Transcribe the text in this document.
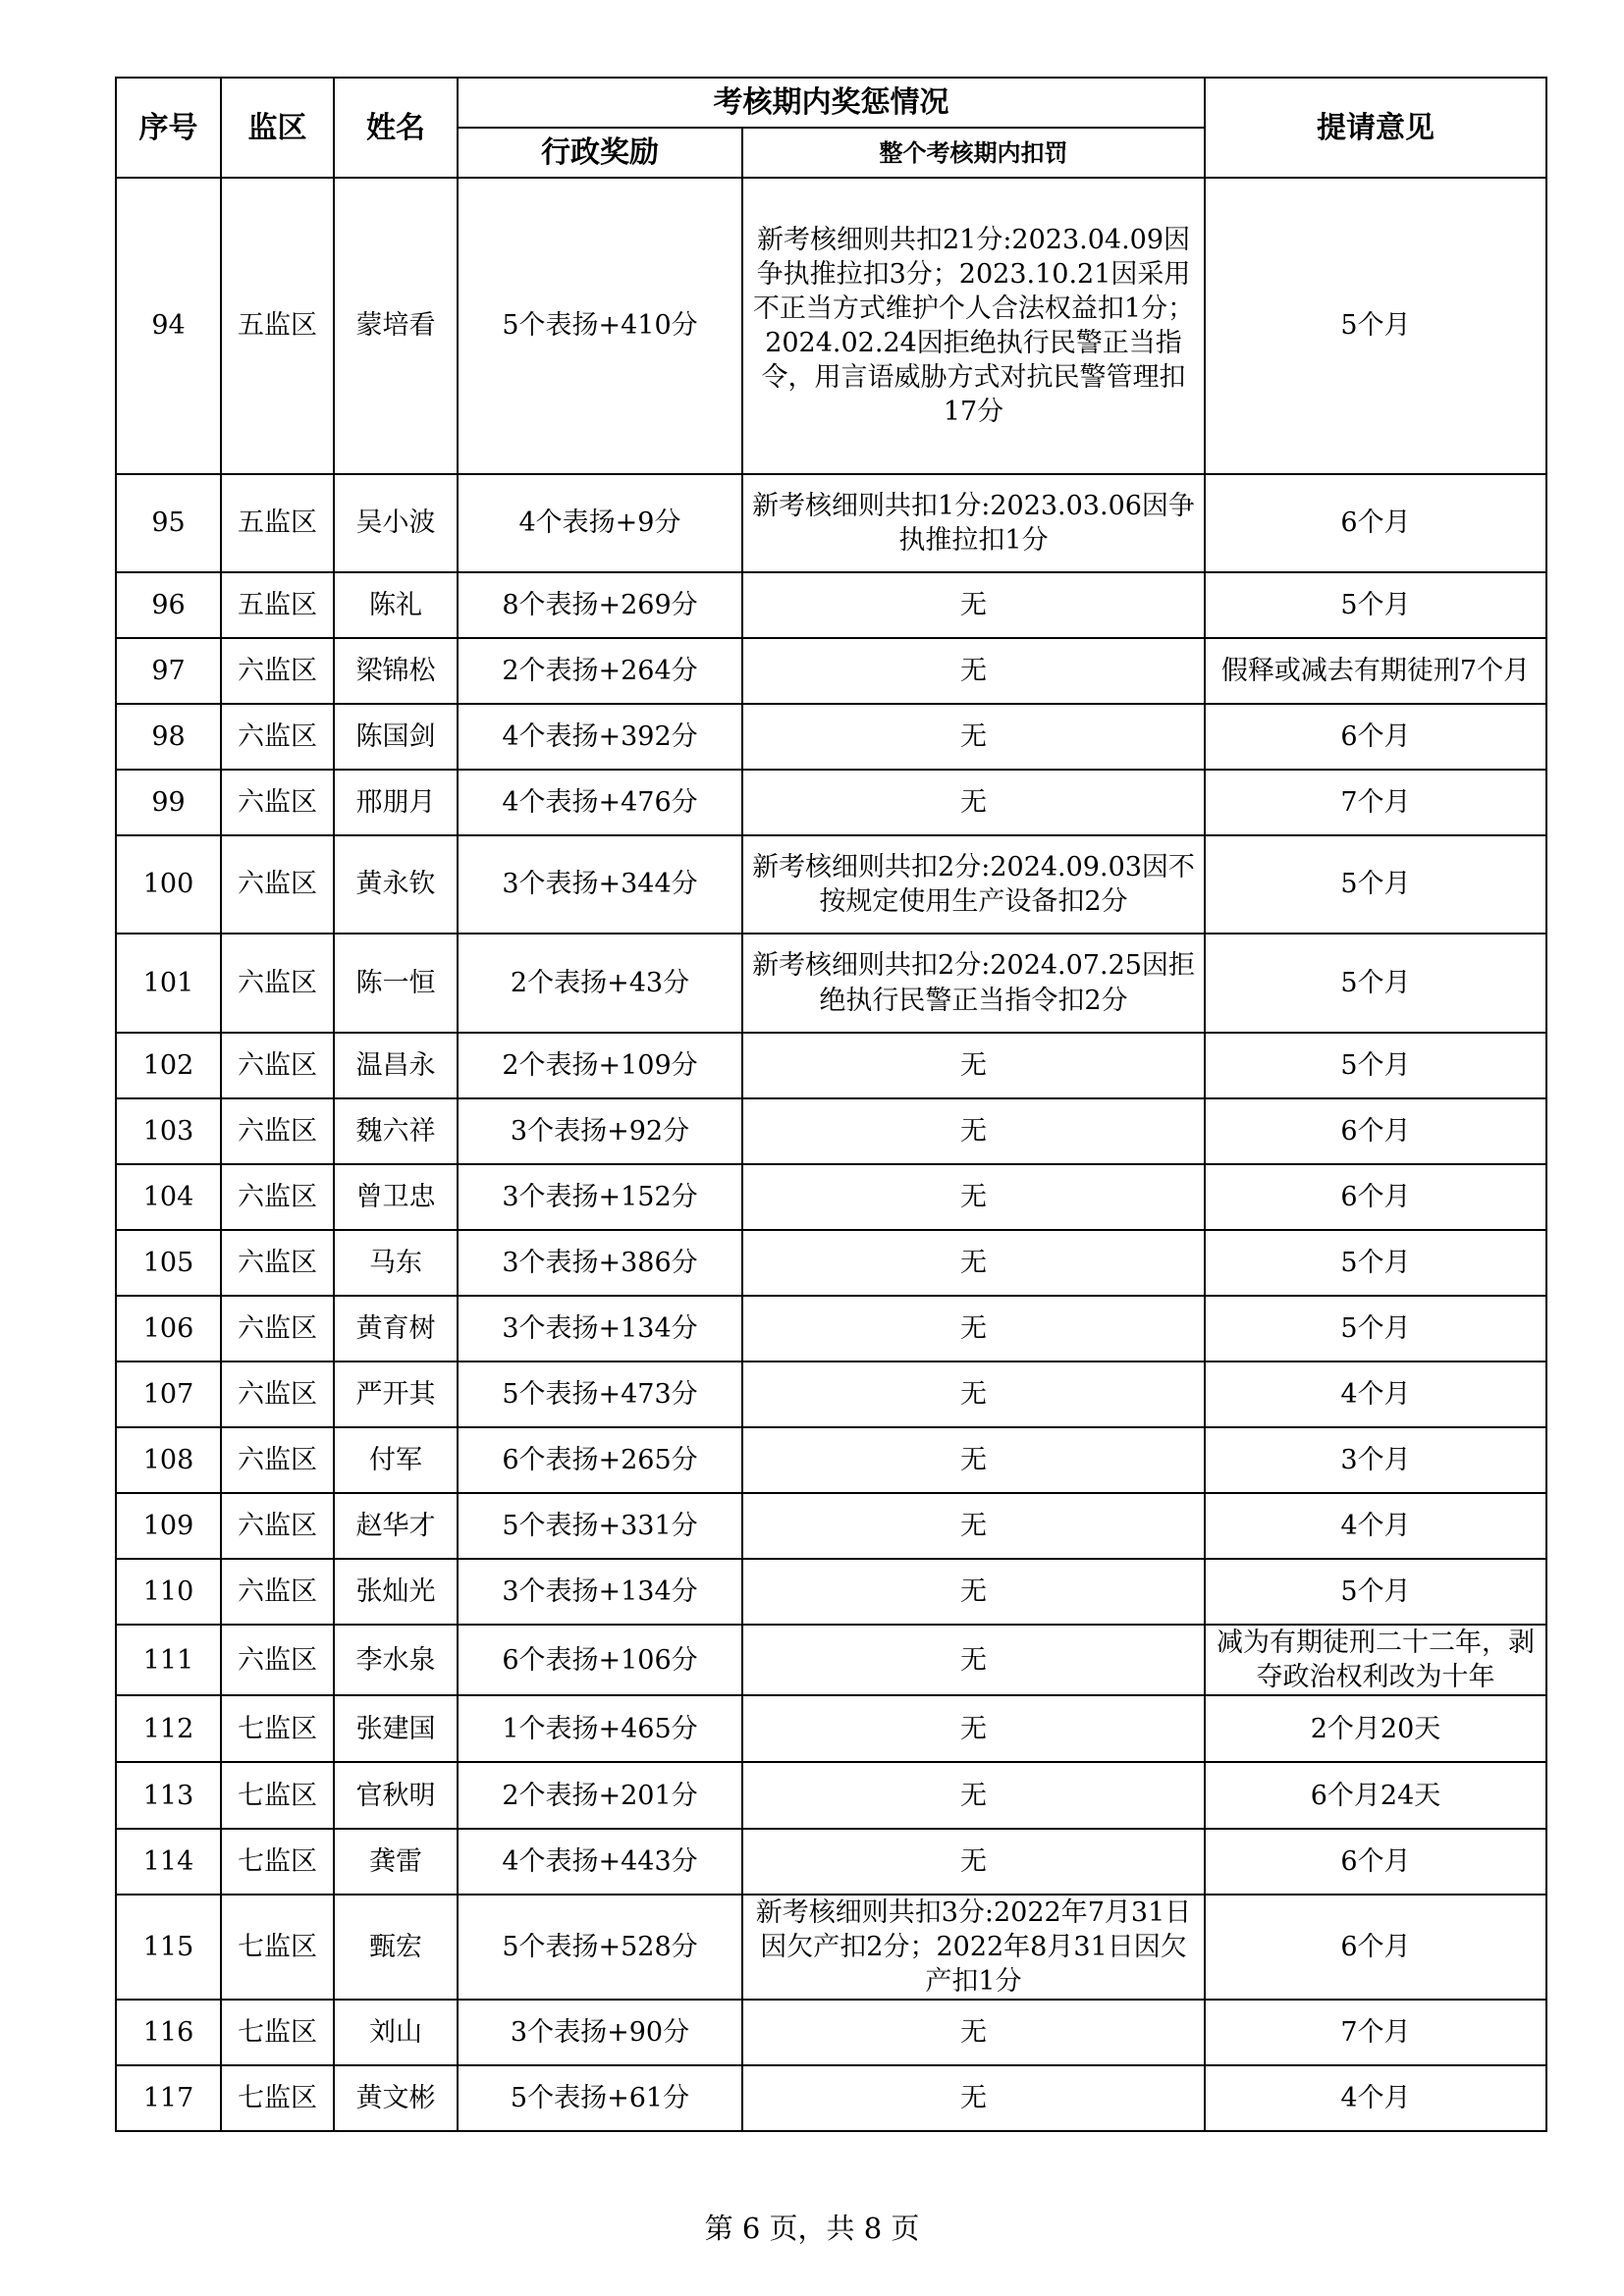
序号	监区	姓名	考核期内奖惩情况		提请意见
			行政奖励	整个考核期内扣罚	
94	五监区	蒙培看	5个表扬+410分	新考核细则共扣21分:2023.04.09因争执推拉扣3分；2023.10.21因采用不正当方式维护个人合法权益扣1分；2024.02.24因拒绝执行民警正当指令，用言语威胁方式对抗民警管理扣17分	5个月
95	五监区	吴小波	4个表扬+9分	新考核细则共扣1分:2023.03.06因争执推拉扣1分	6个月
96	五监区	陈礼	8个表扬+269分	无	5个月
97	六监区	梁锦松	2个表扬+264分	无	假释或减去有期徒刑7个月
98	六监区	陈国剑	4个表扬+392分	无	6个月
99	六监区	邢朋月	4个表扬+476分	无	7个月
100	六监区	黄永钦	3个表扬+344分	新考核细则共扣2分:2024.09.03因不按规定使用生产设备扣2分	5个月
101	六监区	陈一恒	2个表扬+43分	新考核细则共扣2分:2024.07.25因拒绝执行民警正当指令扣2分	5个月
102	六监区	温昌永	2个表扬+109分	无	5个月
103	六监区	魏六祥	3个表扬+92分	无	6个月
104	六监区	曾卫忠	3个表扬+152分	无	6个月
105	六监区	马东	3个表扬+386分	无	5个月
106	六监区	黄育树	3个表扬+134分	无	5个月
107	六监区	严开其	5个表扬+473分	无	4个月
108	六监区	付军	6个表扬+265分	无	3个月
109	六监区	赵华才	5个表扬+331分	无	4个月
110	六监区	张灿光	3个表扬+134分	无	5个月
111	六监区	李水泉	6个表扬+106分	无	减为有期徒刑二十二年，剥夺政治权利改为十年
112	七监区	张建国	1个表扬+465分	无	2个月20天
113	七监区	官秋明	2个表扬+201分	无	6个月24天
114	七监区	龚雷	4个表扬+443分	无	6个月
115	七监区	甄宏	5个表扬+528分	新考核细则共扣3分:2022年7月31日因欠产扣2分；2022年8月31日因欠产扣1分	6个月
116	七监区	刘山	3个表扬+90分	无	7个月
117	七监区	黄文彬	5个表扬+61分	无	4个月
第 6 页，共 8 页
